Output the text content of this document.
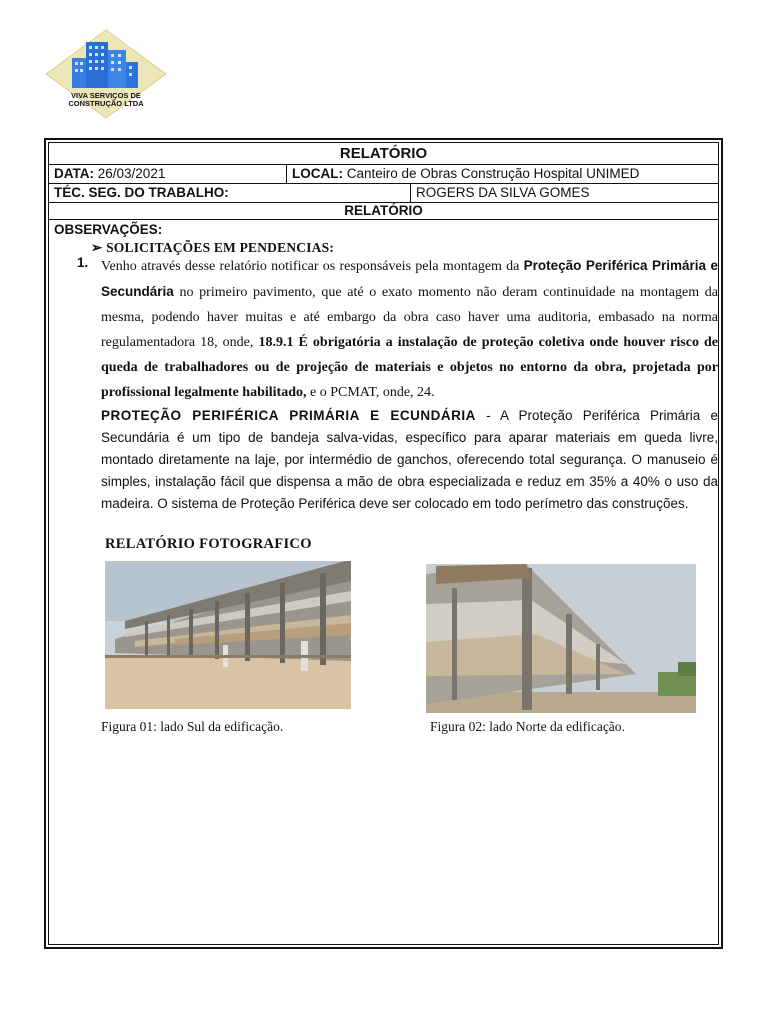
VIVA SERVIÇOS DE CONSTRUÇÃO LTDA
RELATÓRIO
DATA: 26/03/2021	LOCAL: Canteiro de Obras Construção Hospital UNIMED
TÉC. SEG. DO TRABALHO:	ROGERS DA SILVA GOMES
RELATÓRIO
OBSERVAÇÕES:
➢ SOLICITAÇÕES EM PENDENCIAS:
1. Venho através desse relatório notificar os responsáveis pela montagem da Proteção Periférica Primária e Secundária no primeiro pavimento, que até o exato momento não deram continuidade na montagem da mesma, podendo haver muitas e até embargo da obra caso haver uma auditoria, embasado na norma regulamentadora 18, onde, 18.9.1 É obrigatória a instalação de proteção coletiva onde houver risco de queda de trabalhadores ou de projeção de materiais e objetos no entorno da obra, projetada por profissional legalmente habilitado, e o PCMAT, onde, 24.
PROTEÇÃO PERIFÉRICA PRIMÁRIA E ECUNDÁRIA - A Proteção Periférica Primária e Secundária é um tipo de bandeja salva-vidas, específico para aparar materiais em queda livre, montado diretamente na laje, por intermédio de ganchos, oferecendo total segurança. O manuseio é simples, instalação fácil que dispensa a mão de obra especializada e reduz em 35% a 40% o uso da madeira. O sistema de Proteção Periférica deve ser colocado em todo perímetro das construções.
RELATÓRIO FOTOGRAFICO
Figura 01: lado Sul da edificação.	Figura 02: lado Norte da edificação.
